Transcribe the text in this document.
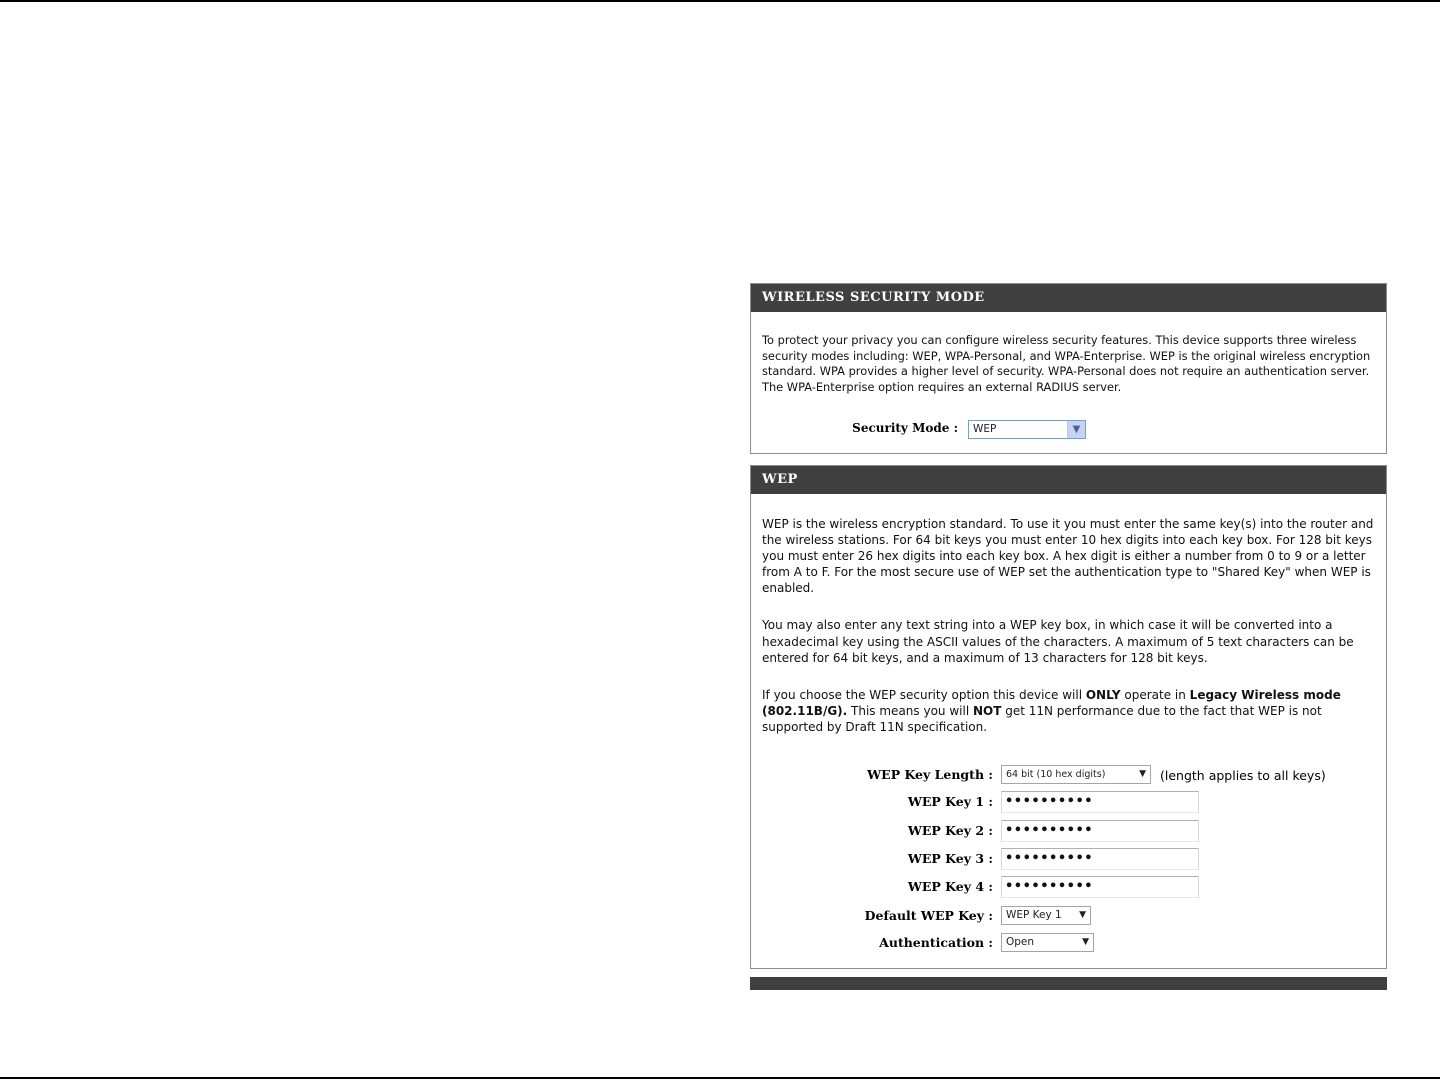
WIRELESS SECURITY MODE

To protect your privacy you can configure wireless security features. This device supports three wireless security modes including: WEP, WPA-Personal, and WPA-Enterprise. WEP is the original wireless encryption standard. WPA provides a higher level of security. WPA-Personal does not require an authentication server. The WPA-Enterprise option requires an external RADIUS server.

Security Mode :	WEP	▼
WEP

WEP is the wireless encryption standard. To use it you must enter the same key(s) into the router and the wireless stations. For 64 bit keys you must enter 10 hex digits into each key box. For 128 bit keys you must enter 26 hex digits into each key box. A hex digit is either a number from 0 to 9 or a letter from A to F. For the most secure use of WEP set the authentication type to "Shared Key" when WEP is enabled.

You may also enter any text string into a WEP key box, in which case it will be converted into a hexadecimal key using the ASCII values of the characters. A maximum of 5 text characters can be entered for 64 bit keys, and a maximum of 13 characters for 128 bit keys.

If you choose the WEP security option this device will ONLY operate in Legacy Wireless mode (802.11B/G). This means you will NOT get 11N performance due to the fact that WEP is not supported by Draft 11N specification.

WEP Key Length :	64 bit (10 hex digits)	▼ (length applies to all keys)
WEP Key 1 : ••••••••••
WEP Key 2 : ••••••••••
WEP Key 3 : ••••••••••
WEP Key 4 : ••••••••••
Default WEP Key :	WEP Key 1 ▼
Authentication :	Open	▼
